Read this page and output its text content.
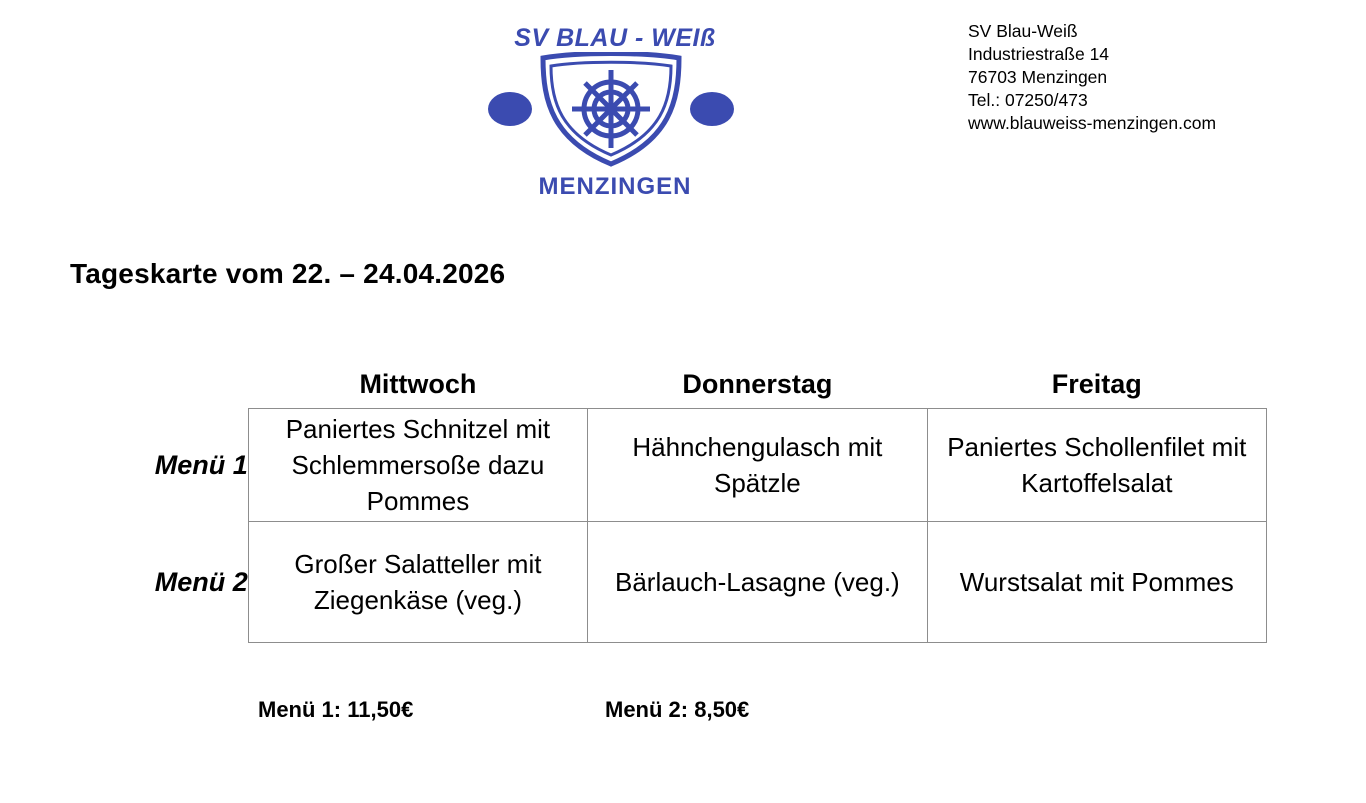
SV BLAU - WEIß
MENZINGEN
SV Blau-Weiß
Industriestraße 14
76703 Menzingen
Tel.: 07250/473
www.blauweiss-menzingen.com
Tageskarte vom 22. – 24.04.2026
	Mittwoch	Donnerstag	Freitag
Menü 1	Paniertes Schnitzel mit Schlemmersoße dazu Pommes	Hähnchengulasch mit Spätzle	Paniertes Schollenfilet mit Kartoffelsalat
Menü 2	Großer Salatteller mit Ziegenkäse (veg.)	Bärlauch-Lasagne (veg.)	Wurstsalat mit Pommes
Menü 1: 11,50€	Menü 2: 8,50€
